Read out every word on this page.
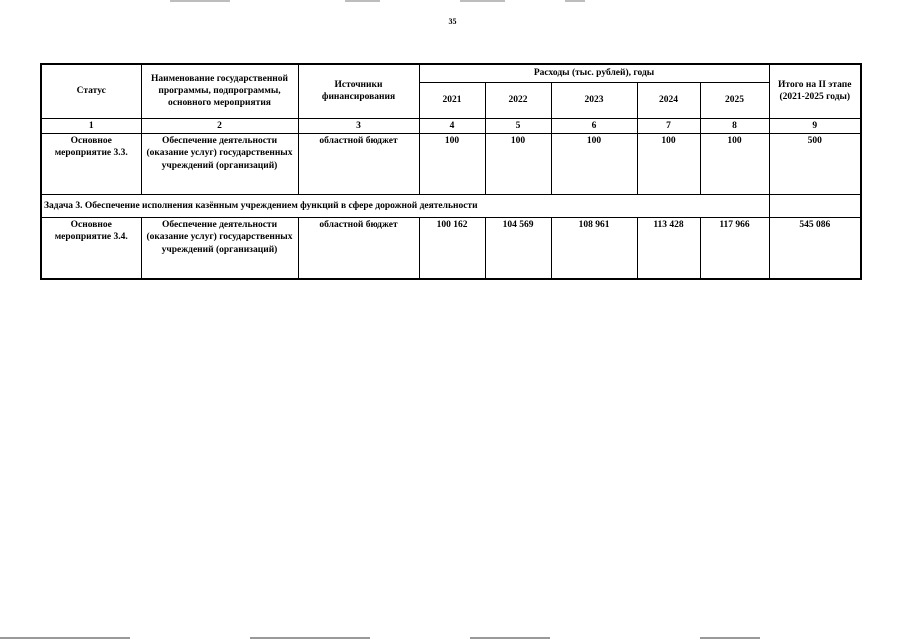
35
Статус	Наименование государственной программы, подпрограммы, основного мероприятия	Источники финансирования	Расходы (тыс. рублей), годы					Итого на II этапе (2021-2025 годы)
			2021	2022	2023	2024	2025	
1	2	3	4	5	6	7	8	9
Основное мероприятие 3.3.	Обеспечение деятельности (оказание услуг) государственных учреждений (организаций)	областной бюджет	100	100	100	100	100	500
Задача 3. Обеспечение исполнения казённым учреждением функций в сфере дорожной деятельности								
Основное мероприятие 3.4.	Обеспечение деятельности (оказание услуг) государственных учреждений (организаций)	областной бюджет	100 162	104 569	108 961	113 428	117 966	545 086
